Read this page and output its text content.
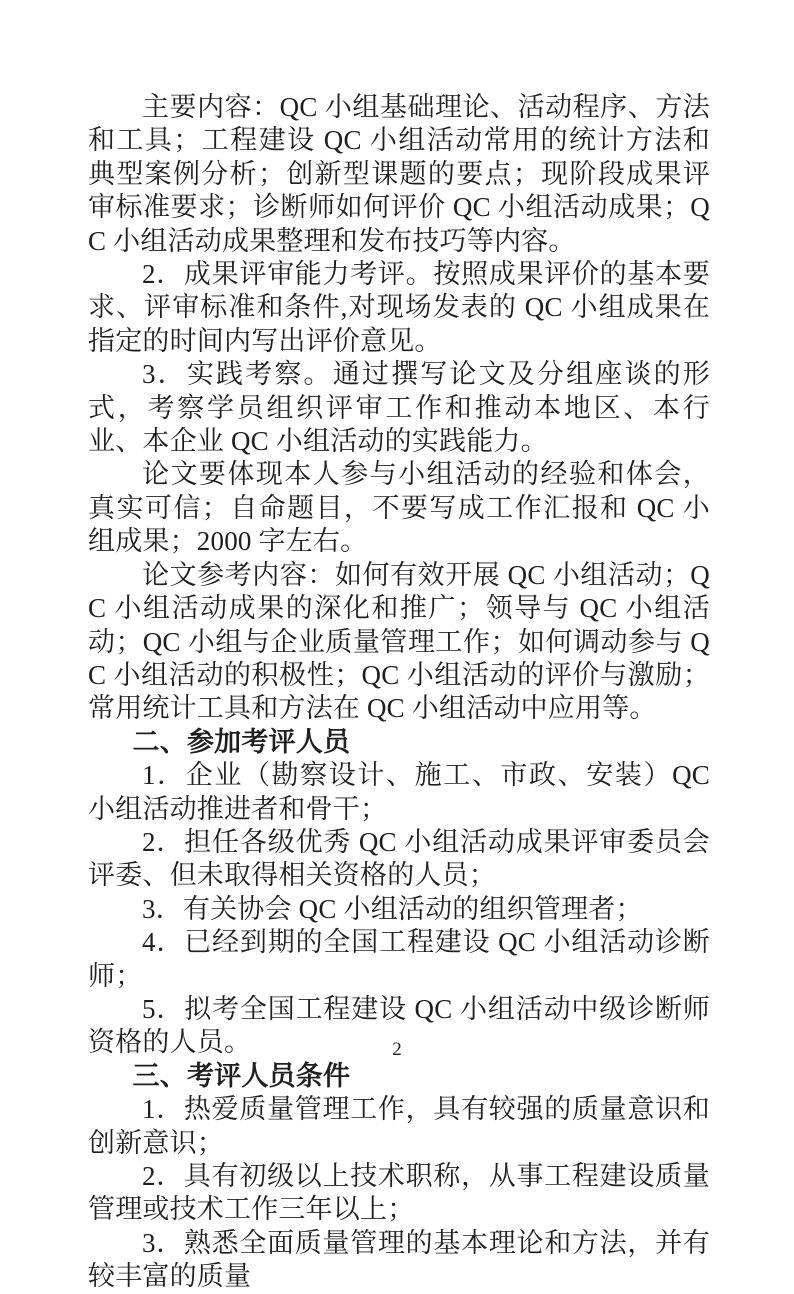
主要内容：QC 小组基础理论、活动程序、方法和工具；工程建设 QC 小组活动常用的统计方法和典型案例分析；创新型课题的要点；现阶段成果评审标准要求；诊断师如何评价 QC 小组活动成果；QC 小组活动成果整理和发布技巧等内容。

2．成果评审能力考评。按照成果评价的基本要求、评审标准和条件,对现场发表的 QC 小组成果在指定的时间内写出评价意见。

3．实践考察。通过撰写论文及分组座谈的形式，考察学员组织评审工作和推动本地区、本行业、本企业 QC 小组活动的实践能力。

论文要体现本人参与小组活动的经验和体会，真实可信；自命题目，不要写成工作汇报和 QC 小组成果；2000 字左右。

论文参考内容：如何有效开展 QC 小组活动；QC 小组活动成果的深化和推广；领导与 QC 小组活动；QC 小组与企业质量管理工作；如何调动参与 QC 小组活动的积极性；QC 小组活动的评价与激励；常用统计工具和方法在 QC 小组活动中应用等。

二、参加考评人员

1．企业（勘察设计、施工、市政、安装）QC 小组活动推进者和骨干；

2．担任各级优秀 QC 小组活动成果评审委员会评委、但未取得相关资格的人员；

3．有关协会 QC 小组活动的组织管理者；

4．已经到期的全国工程建设 QC 小组活动诊断师；

5．拟考全国工程建设 QC 小组活动中级诊断师资格的人员。

三、考评人员条件

1．热爱质量管理工作，具有较强的质量意识和创新意识；

2．具有初级以上技术职称，从事工程建设质量管理或技术工作三年以上；

3．熟悉全面质量管理的基本理论和方法，并有较丰富的质量

2
